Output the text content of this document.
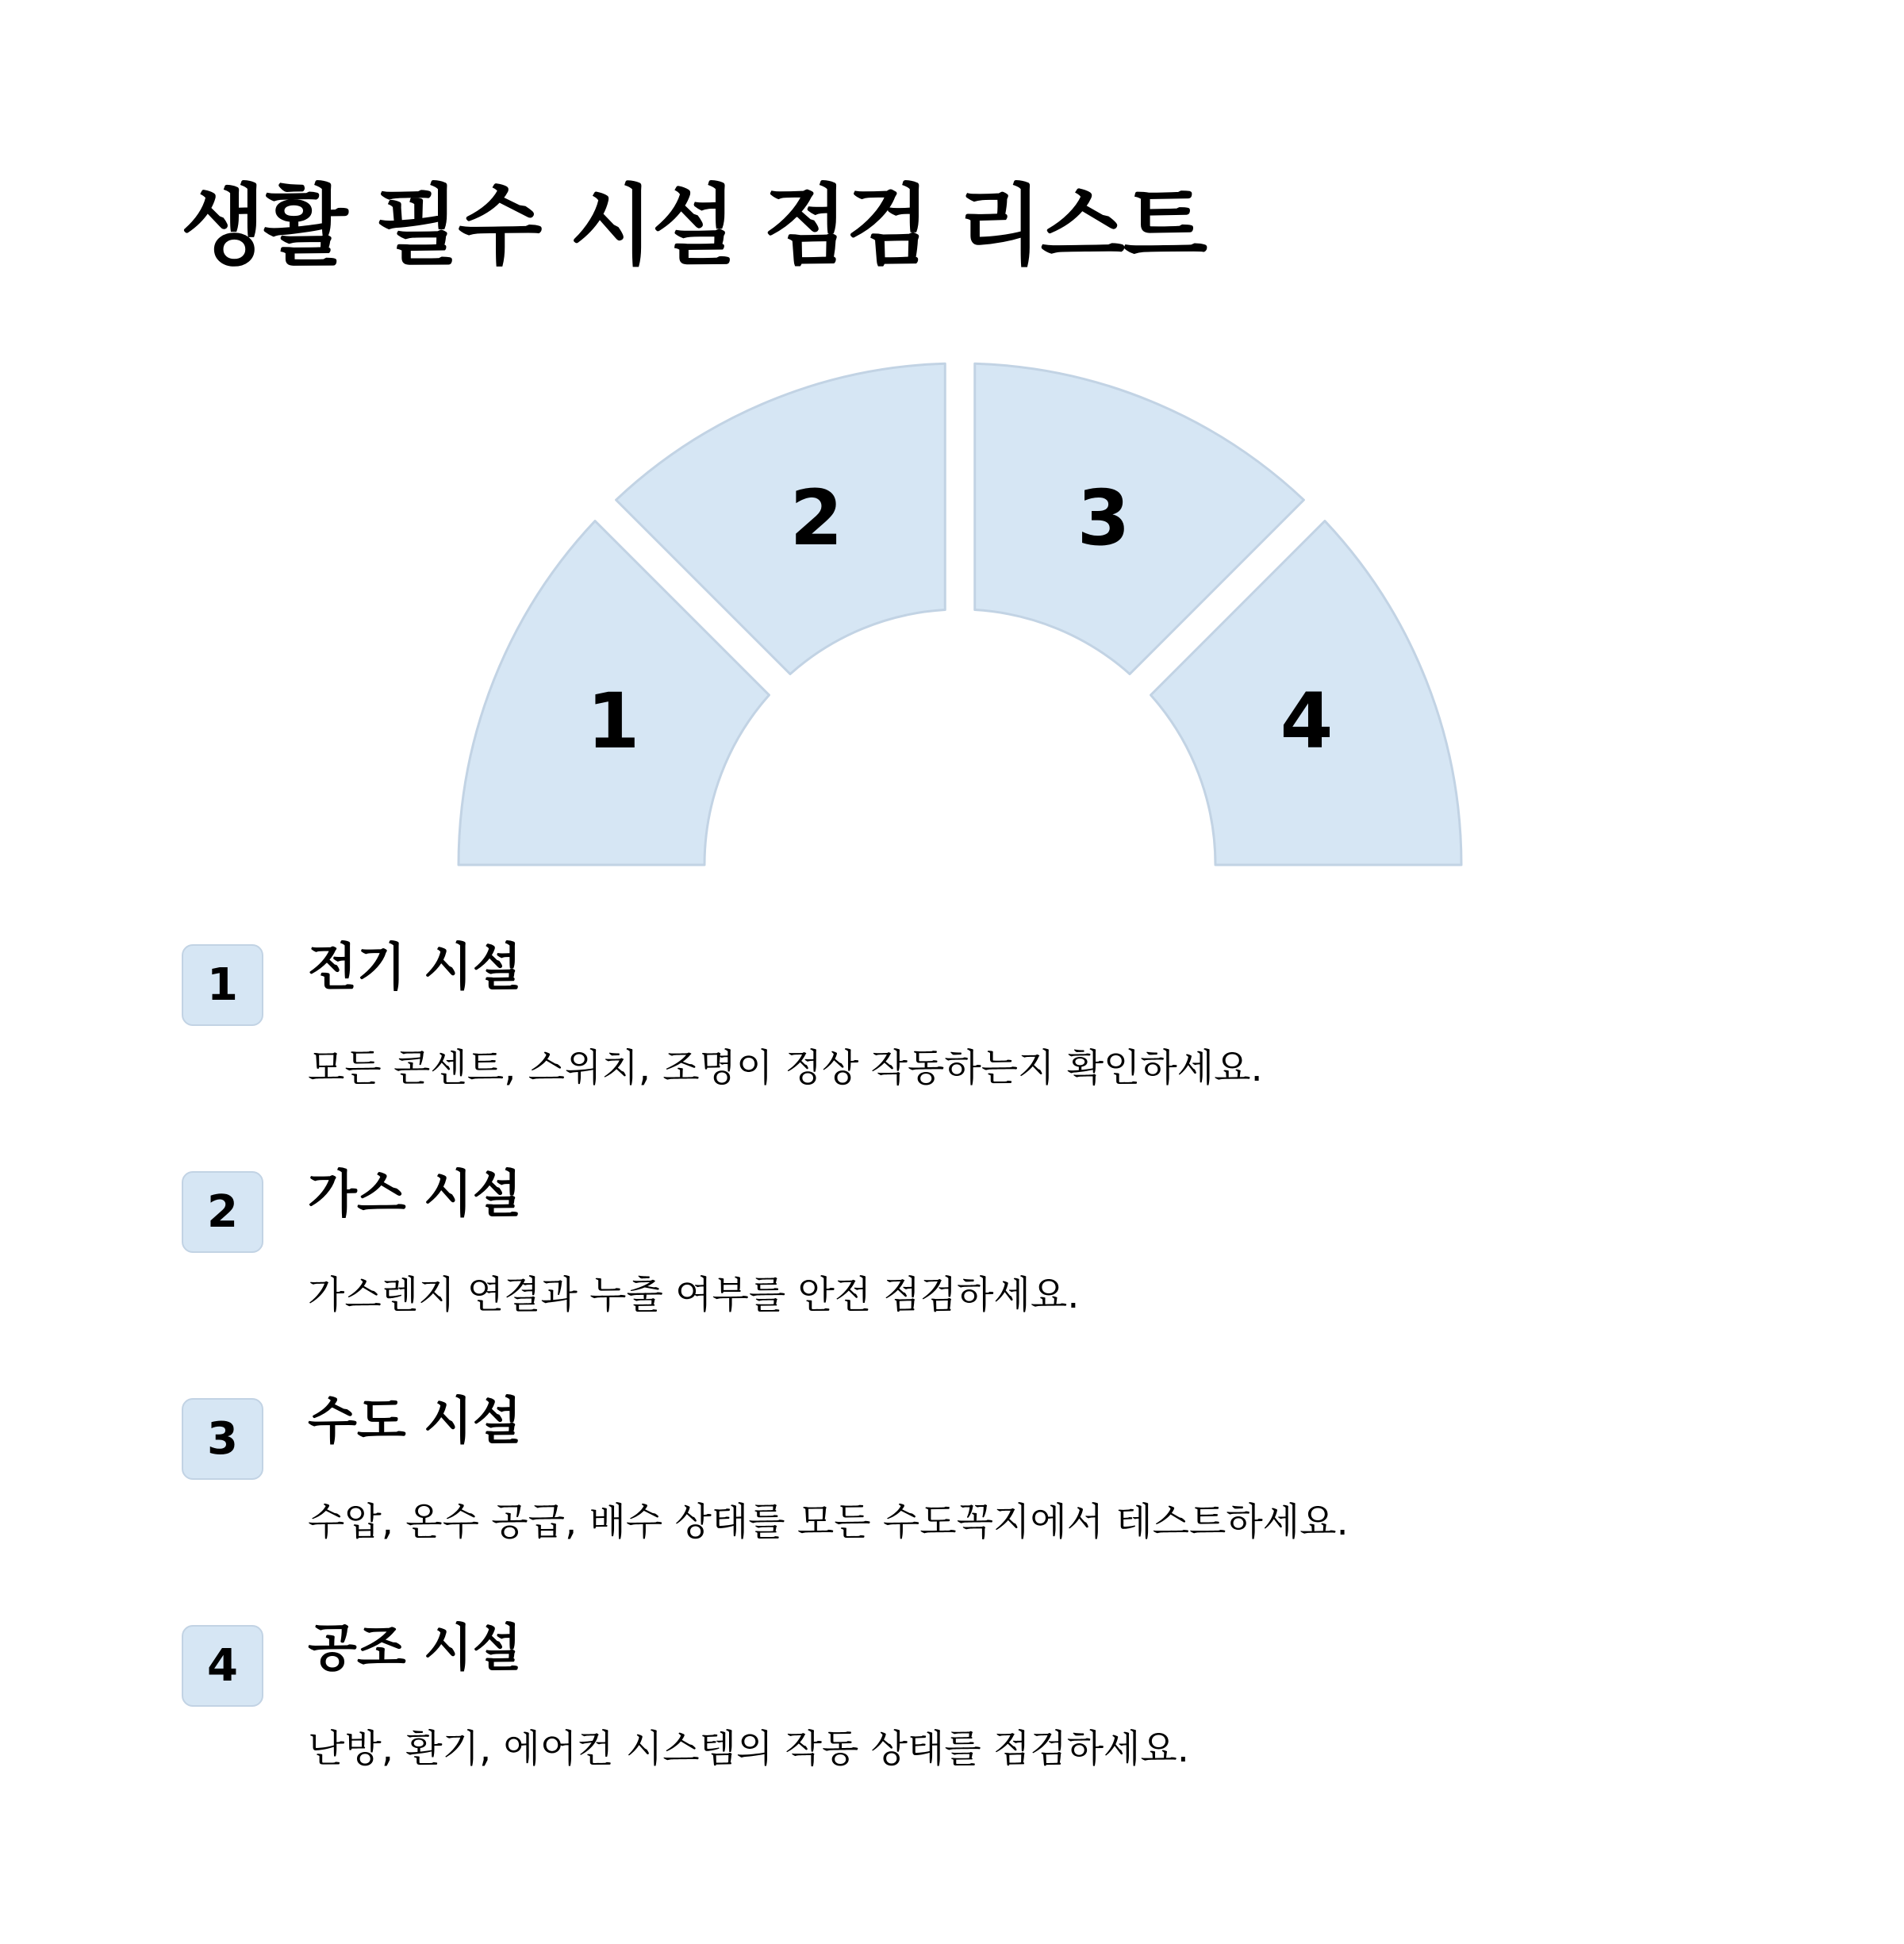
생활 필수 시설 점검 리스트
1
2	3
4
1	전기 시설
모든 콘센트, 스위치, 조명이 정상 작동하는지 확인하세요.
2	가스 시설
가스렌지 연결과 누출 여부를 안전 점검하세요.
3	수도 시설
수압, 온수 공급, 배수 상태를 모든 수도꼭지에서 테스트하세요.
4	공조 시설
난방, 환기, 에어컨 시스템의 작동 상태를 점검하세요.
